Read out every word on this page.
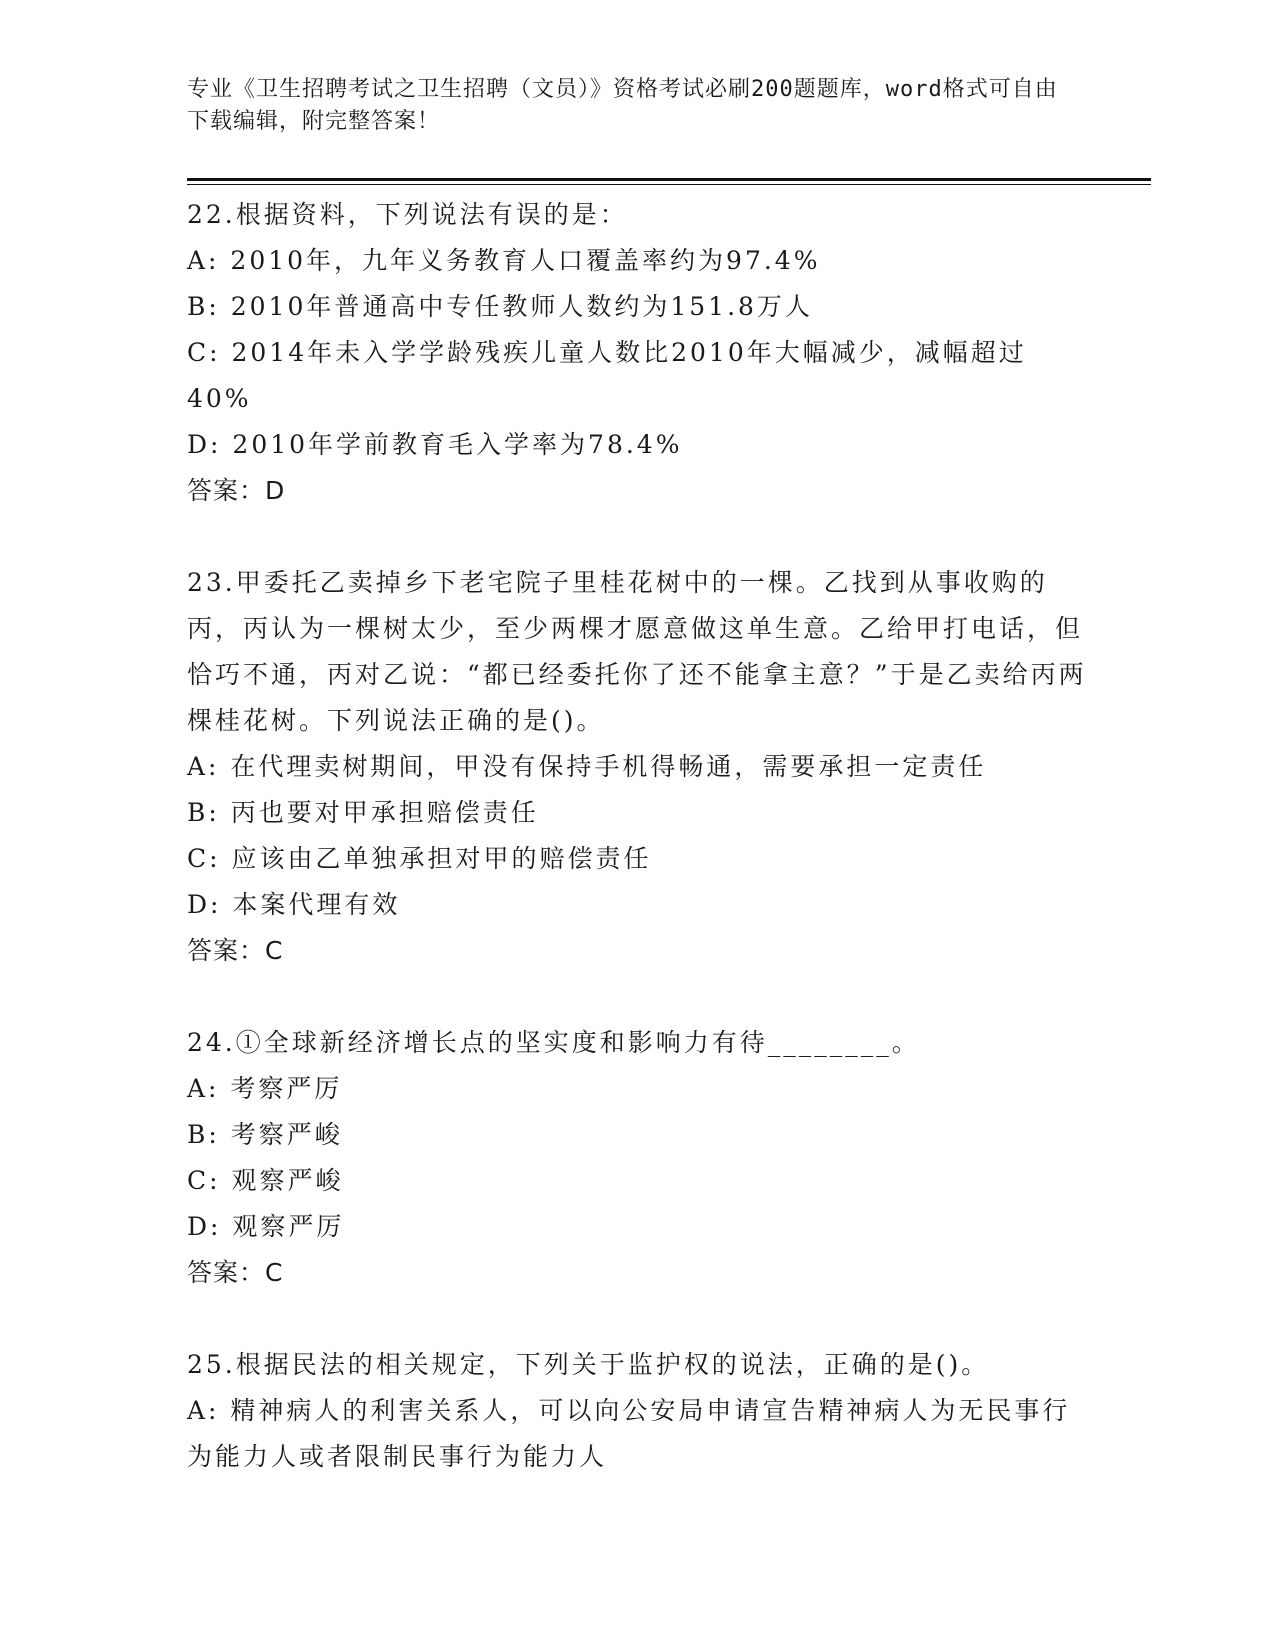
专业《卫生招聘考试之卫生招聘（文员）》资格考试必刷200题题库，word格式可自由下载编辑，附完整答案！
22.根据资料，下列说法有误的是：
A: 2010年，九年义务教育人口覆盖率约为97.4%
B: 2010年普通高中专任教师人数约为151.8万人
C: 2014年未入学学龄残疾儿童人数比2010年大幅减少，减幅超过40%
D: 2010年学前教育毛入学率为78.4%
答案：D
23.甲委托乙卖掉乡下老宅院子里桂花树中的一棵。乙找到从事收购的丙，丙认为一棵树太少，至少两棵才愿意做这单生意。乙给甲打电话，但恰巧不通，丙对乙说：“都已经委托你了还不能拿主意？”于是乙卖给丙两棵桂花树。下列说法正确的是()。
A: 在代理卖树期间，甲没有保持手机得畅通，需要承担一定责任
B: 丙也要对甲承担赔偿责任
C: 应该由乙单独承担对甲的赔偿责任
D: 本案代理有效
答案：C
24.①全球新经济增长点的坚实度和影响力有待________。
A: 考察严厉
B: 考察严峻
C: 观察严峻
D: 观察严厉
答案：C
25.根据民法的相关规定，下列关于监护权的说法，正确的是()。
A: 精神病人的利害关系人，可以向公安局申请宣告精神病人为无民事行为能力人或者限制民事行为能力人
